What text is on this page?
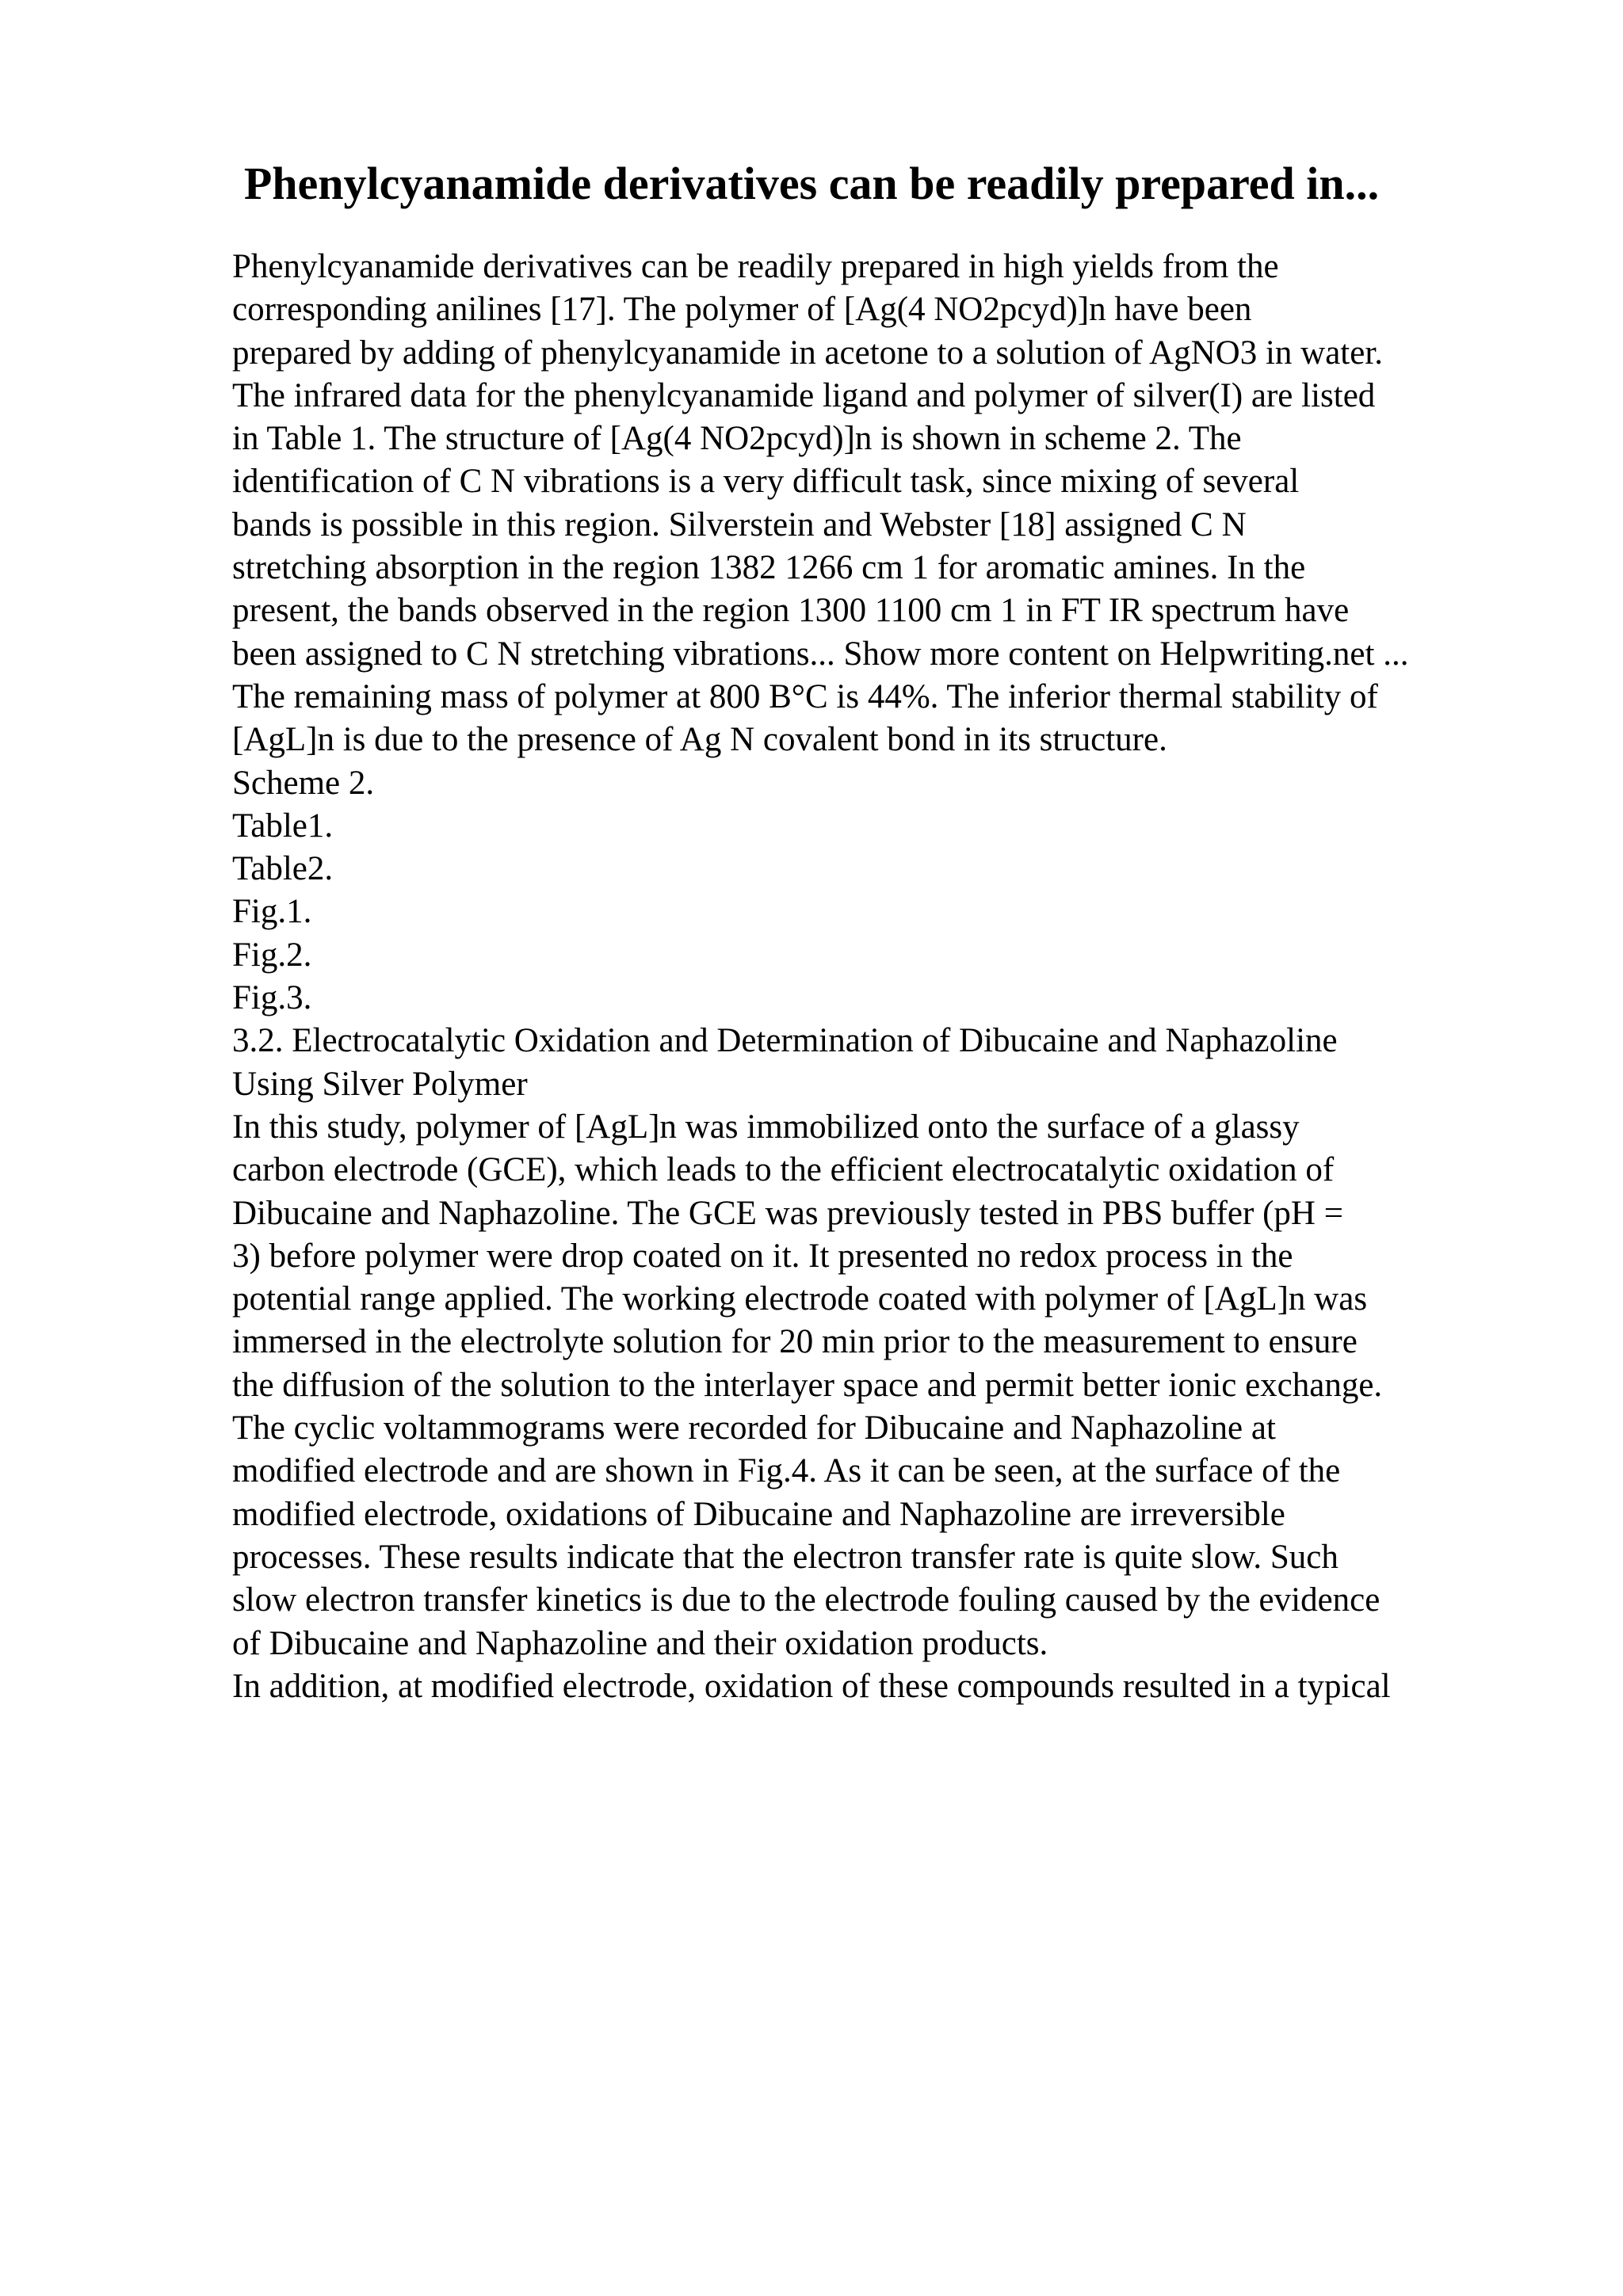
Phenylcyanamide derivatives can be readily prepared in...
Phenylcyanamide derivatives can be readily prepared in high yields from the
corresponding anilines [17]. The polymer of [Ag(4 NO2pcyd)]n have been
prepared by adding of phenylcyanamide in acetone to a solution of AgNO3 in water.
The infrared data for the phenylcyanamide ligand and polymer of silver(I) are listed
in Table 1. The structure of [Ag(4 NO2pcyd)]n is shown in scheme 2. The
identification of C N vibrations is a very difficult task, since mixing of several
bands is possible in this region. Silverstein and Webster [18] assigned C N
stretching absorption in the region 1382 1266 cm 1 for aromatic amines. In the
present, the bands observed in the region 1300 1100 cm 1 in FT IR spectrum have
been assigned to C N stretching vibrations... Show more content on Helpwriting.net ...
The remaining mass of polymer at 800 B°C is 44%. The inferior thermal stability of
[AgL]n is due to the presence of Ag N covalent bond in its structure.
Scheme 2.
Table1.
Table2.
Fig.1.
Fig.2.
Fig.3.
3.2. Electrocatalytic Oxidation and Determination of Dibucaine and Naphazoline
Using Silver Polymer
In this study, polymer of [AgL]n was immobilized onto the surface of a glassy
carbon electrode (GCE), which leads to the efficient electrocatalytic oxidation of
Dibucaine and Naphazoline. The GCE was previously tested in PBS buffer (pH =
3) before polymer were drop coated on it. It presented no redox process in the
potential range applied. The working electrode coated with polymer of [AgL]n was
immersed in the electrolyte solution for 20 min prior to the measurement to ensure
the diffusion of the solution to the interlayer space and permit better ionic exchange.
The cyclic voltammograms were recorded for Dibucaine and Naphazoline at
modified electrode and are shown in Fig.4. As it can be seen, at the surface of the
modified electrode, oxidations of Dibucaine and Naphazoline are irreversible
processes. These results indicate that the electron transfer rate is quite slow. Such
slow electron transfer kinetics is due to the electrode fouling caused by the evidence
of Dibucaine and Naphazoline and their oxidation products.
In addition, at modified electrode, oxidation of these compounds resulted in a typical
